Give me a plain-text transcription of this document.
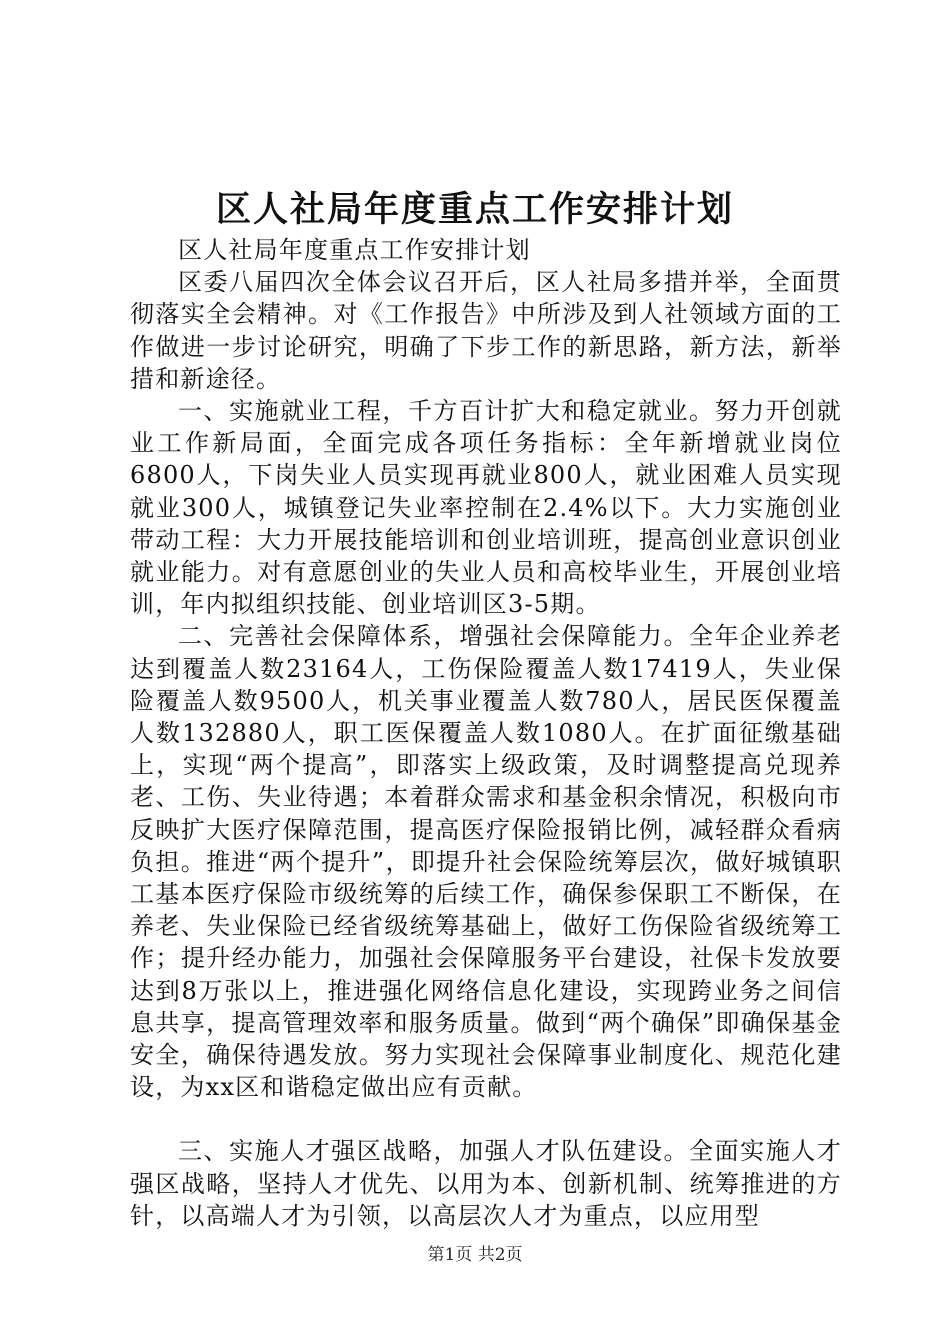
区人社局年度重点工作安排计划

区人社局年度重点工作安排计划

区委八届四次全体会议召开后，区人社局多措并举，全面贯彻落实全会精神。对《工作报告》中所涉及到人社领域方面的工作做进一步讨论研究，明确了下步工作的新思路，新方法，新举措和新途径。

一、实施就业工程，千方百计扩大和稳定就业。努力开创就业工作新局面，全面完成各项任务指标：全年新增就业岗位6800人，下岗失业人员实现再就业800人，就业困难人员实现就业300人，城镇登记失业率控制在2.4%以下。大力实施创业带动工程：大力开展技能培训和创业培训班，提高创业意识创业就业能力。对有意愿创业的失业人员和高校毕业生，开展创业培训，年内拟组织技能、创业培训区3-5期。

二、完善社会保障体系，增强社会保障能力。全年企业养老达到覆盖人数23164人，工伤保险覆盖人数17419人，失业保险覆盖人数9500人，机关事业覆盖人数780人，居民医保覆盖人数132880人，职工医保覆盖人数1080人。在扩面征缴基础上，实现“两个提高”，即落实上级政策，及时调整提高兑现养老、工伤、失业待遇；本着群众需求和基金积余情况，积极向市反映扩大医疗保障范围，提高医疗保险报销比例，减轻群众看病负担。推进“两个提升”，即提升社会保险统筹层次，做好城镇职工基本医疗保险市级统筹的后续工作，确保参保职工不断保，在养老、失业保险已经省级统筹基础上，做好工伤保险省级统筹工作；提升经办能力，加强社会保障服务平台建设，社保卡发放要达到8万张以上，推进强化网络信息化建设，实现跨业务之间信息共享，提高管理效率和服务质量。做到“两个确保”即确保基金安全，确保待遇发放。努力实现社会保障事业制度化、规范化建设，为xx区和谐稳定做出应有贡献。

三、实施人才强区战略，加强人才队伍建设。全面实施人才强区战略，坚持人才优先、以用为本、创新机制、统筹推进的方针，以高端人才为引领，以高层次人才为重点，以应用型

第1页 共2页
